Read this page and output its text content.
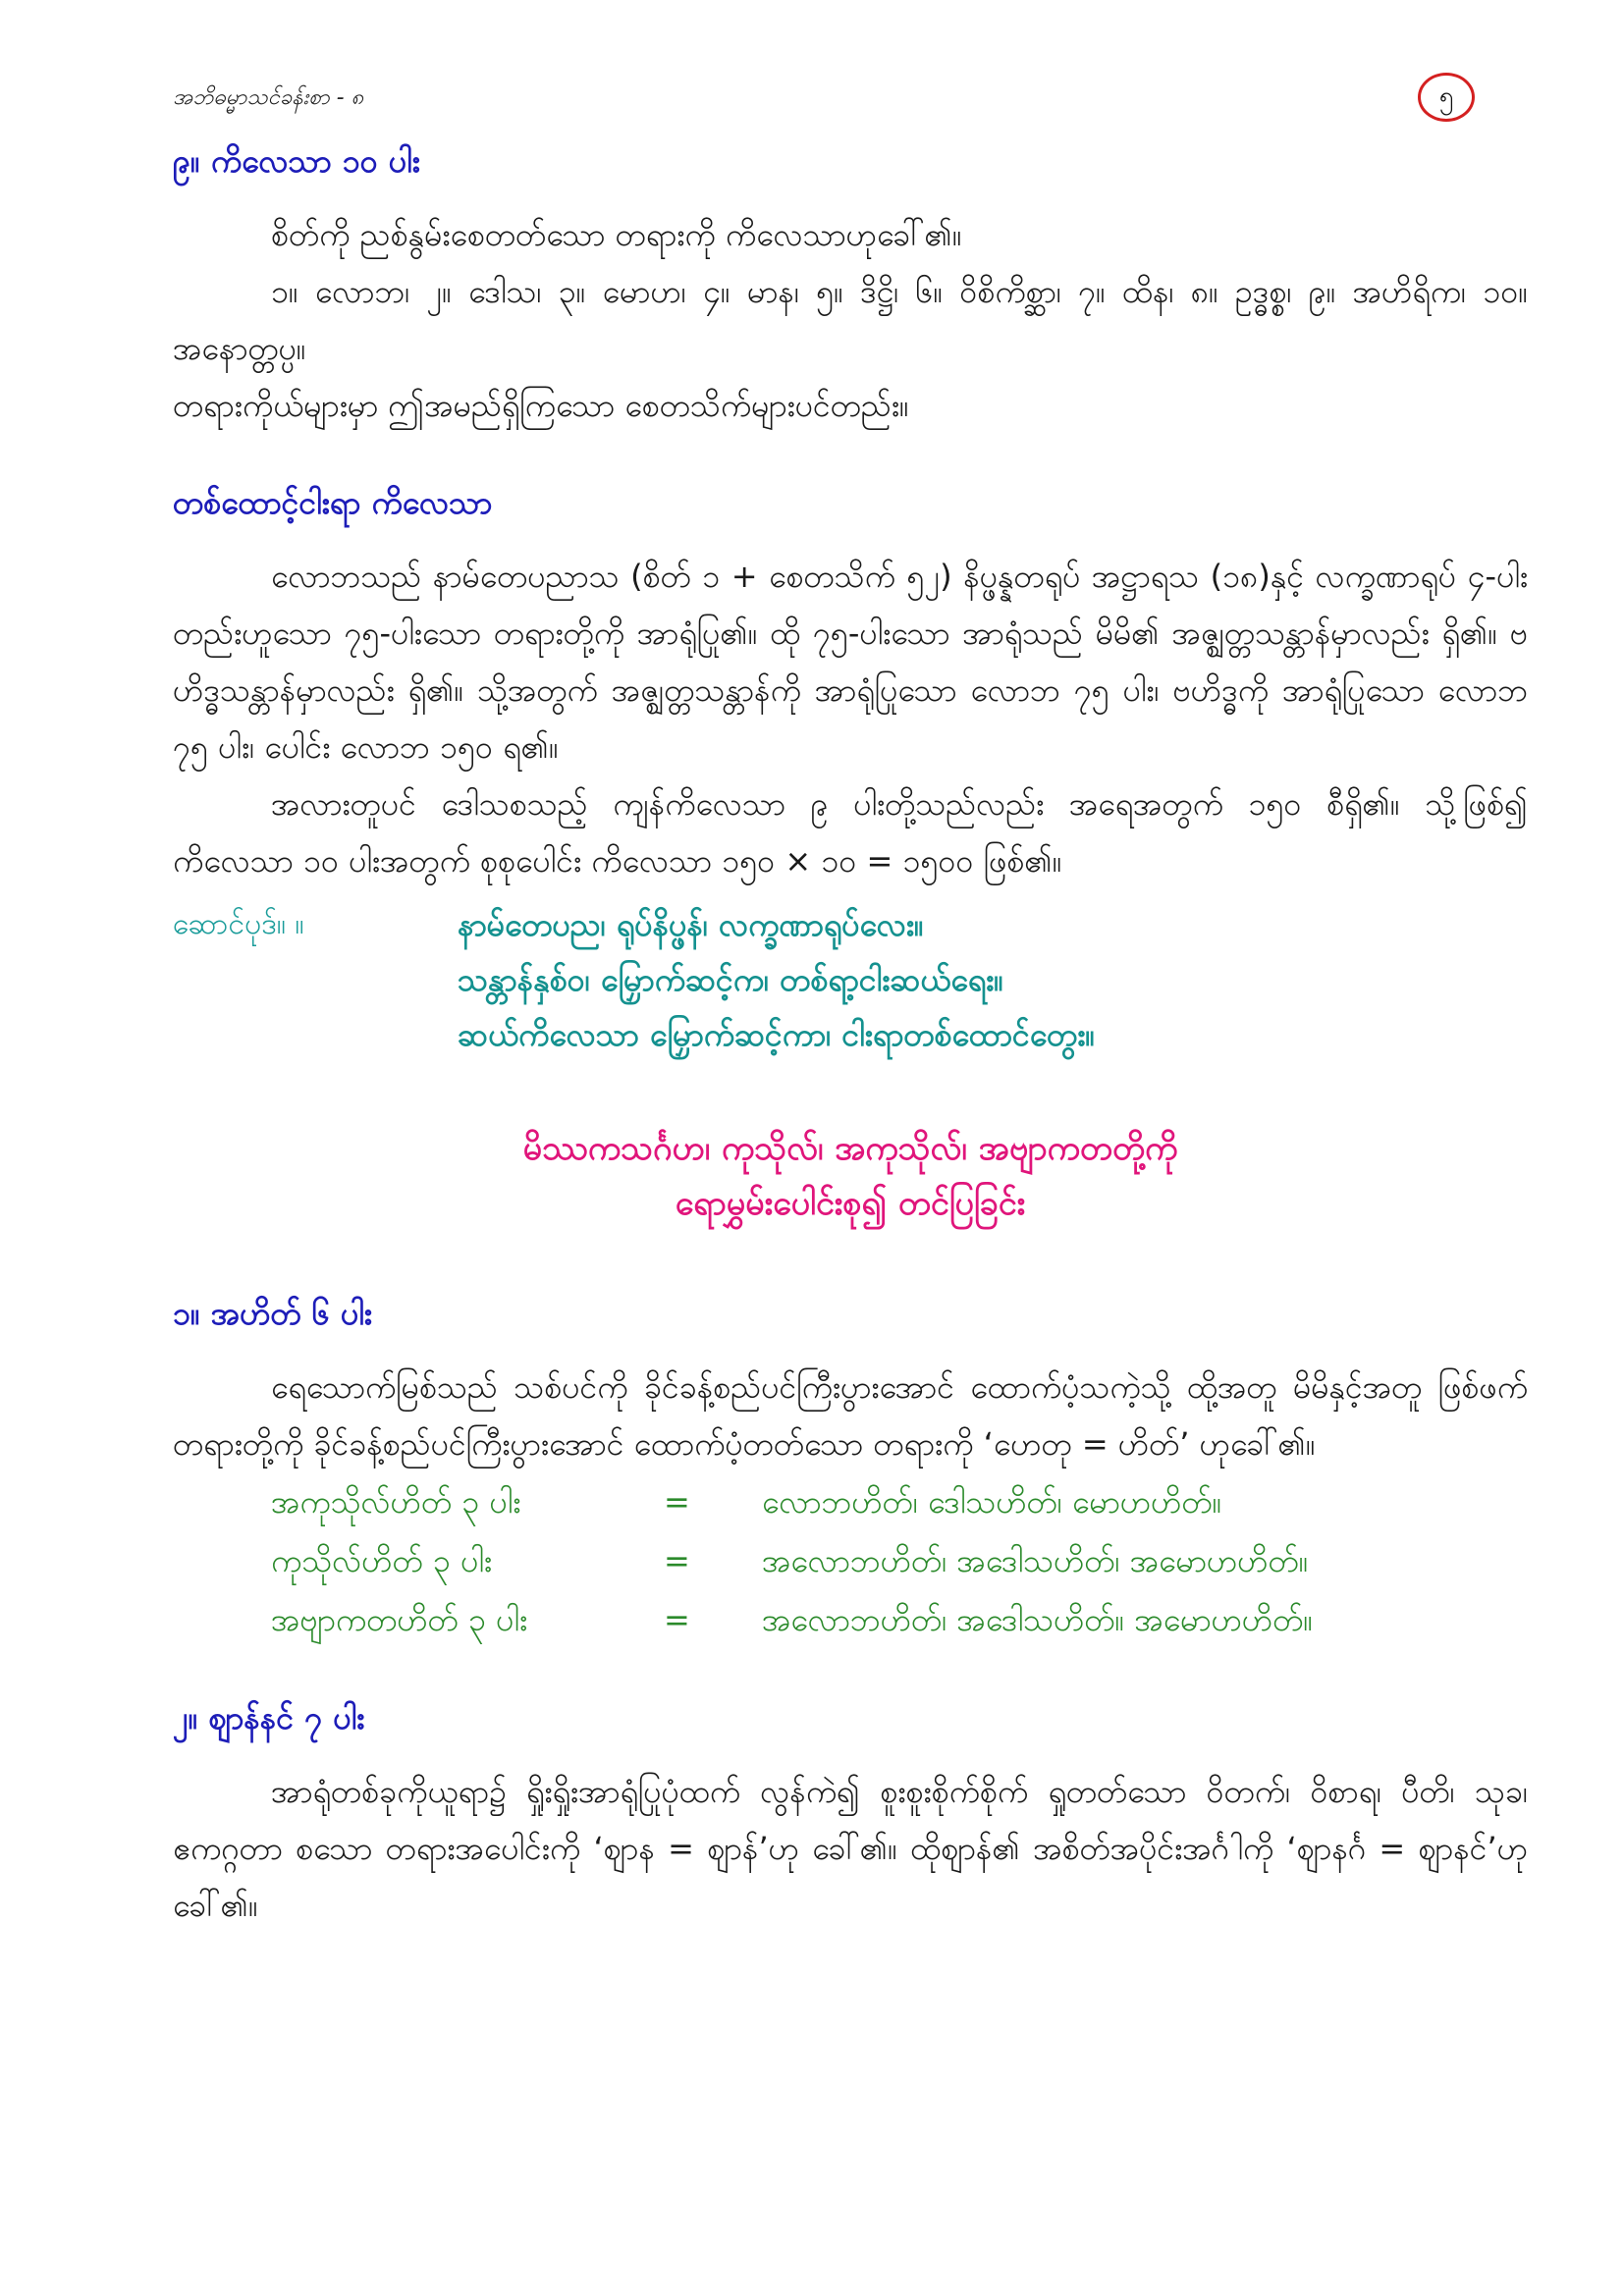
အဘိဓမ္မာသင်ခန်းစာ - ၈	၅
၉။ ကိလေသာ ၁၀ ပါး

စိတ်ကို ညစ်နွမ်းစေတတ်သော တရားကို ကိလေသာဟုခေါ်၏။

၁။ လောဘ၊ ၂။ ဒေါသ၊ ၃။ မောဟ၊ ၄။ မာန၊ ၅။ ဒိဋ္ဌိ၊ ၆။ ဝိစိကိစ္ဆာ၊ ၇။ ထိန၊ ၈။ ဥဒ္ဓစ္စ၊ ၉။ အဟိရိက၊ ၁၀။ အနောတ္တပ္ပ။

တရားကိုယ်များမှာ ဤအမည်ရှိကြသော စေတသိက်များပင်တည်း။

တစ်ထောင့်ငါးရာ ကိလေသာ

လောဘသည် နာမ်တေပညာသ (စိတ် ၁ + စေတသိက် ၅၂) နိပ္ဖန္နတရုပ် အဋ္ဌာရသ (၁၈)နှင့် လက္ခဏာရုပ် ၄-ပါးတည်းဟူသော ၇၅-ပါးသော တရားတို့ကို အာရုံပြု၏။ ထို ၇၅-ပါးသော အာရုံသည် မိမိ၏ အဇ္ဈတ္တသန္တာန်မှာလည်း ရှိ၏။ ဗဟိဒ္ဓသန္တာန်မှာလည်း ရှိ၏။ သို့အတွက် အဇ္ဈတ္တသန္တာန်ကို အာရုံပြုသော လောဘ ၇၅ ပါး၊ ဗဟိဒ္ဓကို အာရုံပြုသော လောဘ ၇၅ ပါး၊ ပေါင်း လောဘ ၁၅၀ ရ၏။

အလားတူပင် ဒေါသစသည့် ကျန်ကိလေသာ ၉ ပါးတို့သည်လည်း အရေအတွက် ၁၅၀ စီရှိ၏။ သို့ဖြစ်၍ ကိလေသာ ၁၀ ပါးအတွက် စုစုပေါင်း ကိလေသာ ၁၅၀ × ၁၀ = ၁၅၀၀ ဖြစ်၏။

ဆောင်ပုဒ်။ ။	နာမ်တေပည၊ ရုပ်နိပ္ဖန်၊ လက္ခဏာရုပ်လေး။
သန္တာန်နှစ်ဝ၊ မြှောက်ဆင့်က၊ တစ်ရာ့ငါးဆယ်ရေး။
ဆယ်ကိလေသာ မြှောက်ဆင့်ကာ၊ ငါးရာတစ်ထောင်တွေး။
မိဿကသင်္ဂဟ၊ ကုသိုလ်၊ အကုသိုလ်၊ အဗျာကတတို့ကို
ရောမွှမ်းပေါင်းစု၍ တင်ပြခြင်း
၁။ အဟိတ် ၆ ပါး

ရေသောက်မြစ်သည် သစ်ပင်ကို ခိုင်ခန့်စည်ပင်ကြီးပွားအောင် ထောက်ပံ့သကဲ့သို့ ထို့အတူ မိမိနှင့်အတူ ဖြစ်ဖက်တရားတို့ကို ခိုင်ခန့်စည်ပင်ကြီးပွားအောင် ထောက်ပံ့တတ်သော တရားကို ‘ဟေတု = ဟိတ်’ ဟုခေါ်၏။

အကုသိုလ်ဟိတ် ၃ ပါး	=	လောဘဟိတ်၊ ဒေါသဟိတ်၊ မောဟဟိတ်။
ကုသိုလ်ဟိတ် ၃ ပါး	=	အလောဘဟိတ်၊ အဒေါသဟိတ်၊ အမောဟဟိတ်။
အဗျာကတဟိတ် ၃ ပါး	=	အလောဘဟိတ်၊ အဒေါသဟိတ်။ အမောဟဟိတ်။
၂။ ဈာန်နင် ၇ ပါး

အာရုံတစ်ခုကိုယူရာ၌ ရှိုးရှိုးအာရုံပြုပုံထက် လွန်ကဲ၍ စူးစူးစိုက်စိုက် ရှုတတ်သော ဝိတက်၊ ဝိစာရ၊ ပီတိ၊ သုခ၊ ဧကဂ္ဂတာ စသော တရားအပေါင်းကို ‘ဈာန = ဈာန်’ဟု ခေါ်၏။ ထိုဈာန်၏ အစိတ်အပိုင်းအင်္ဂါကို ‘ဈာနင်္ဂ = ဈာနင်’ဟု ခေါ်၏။
